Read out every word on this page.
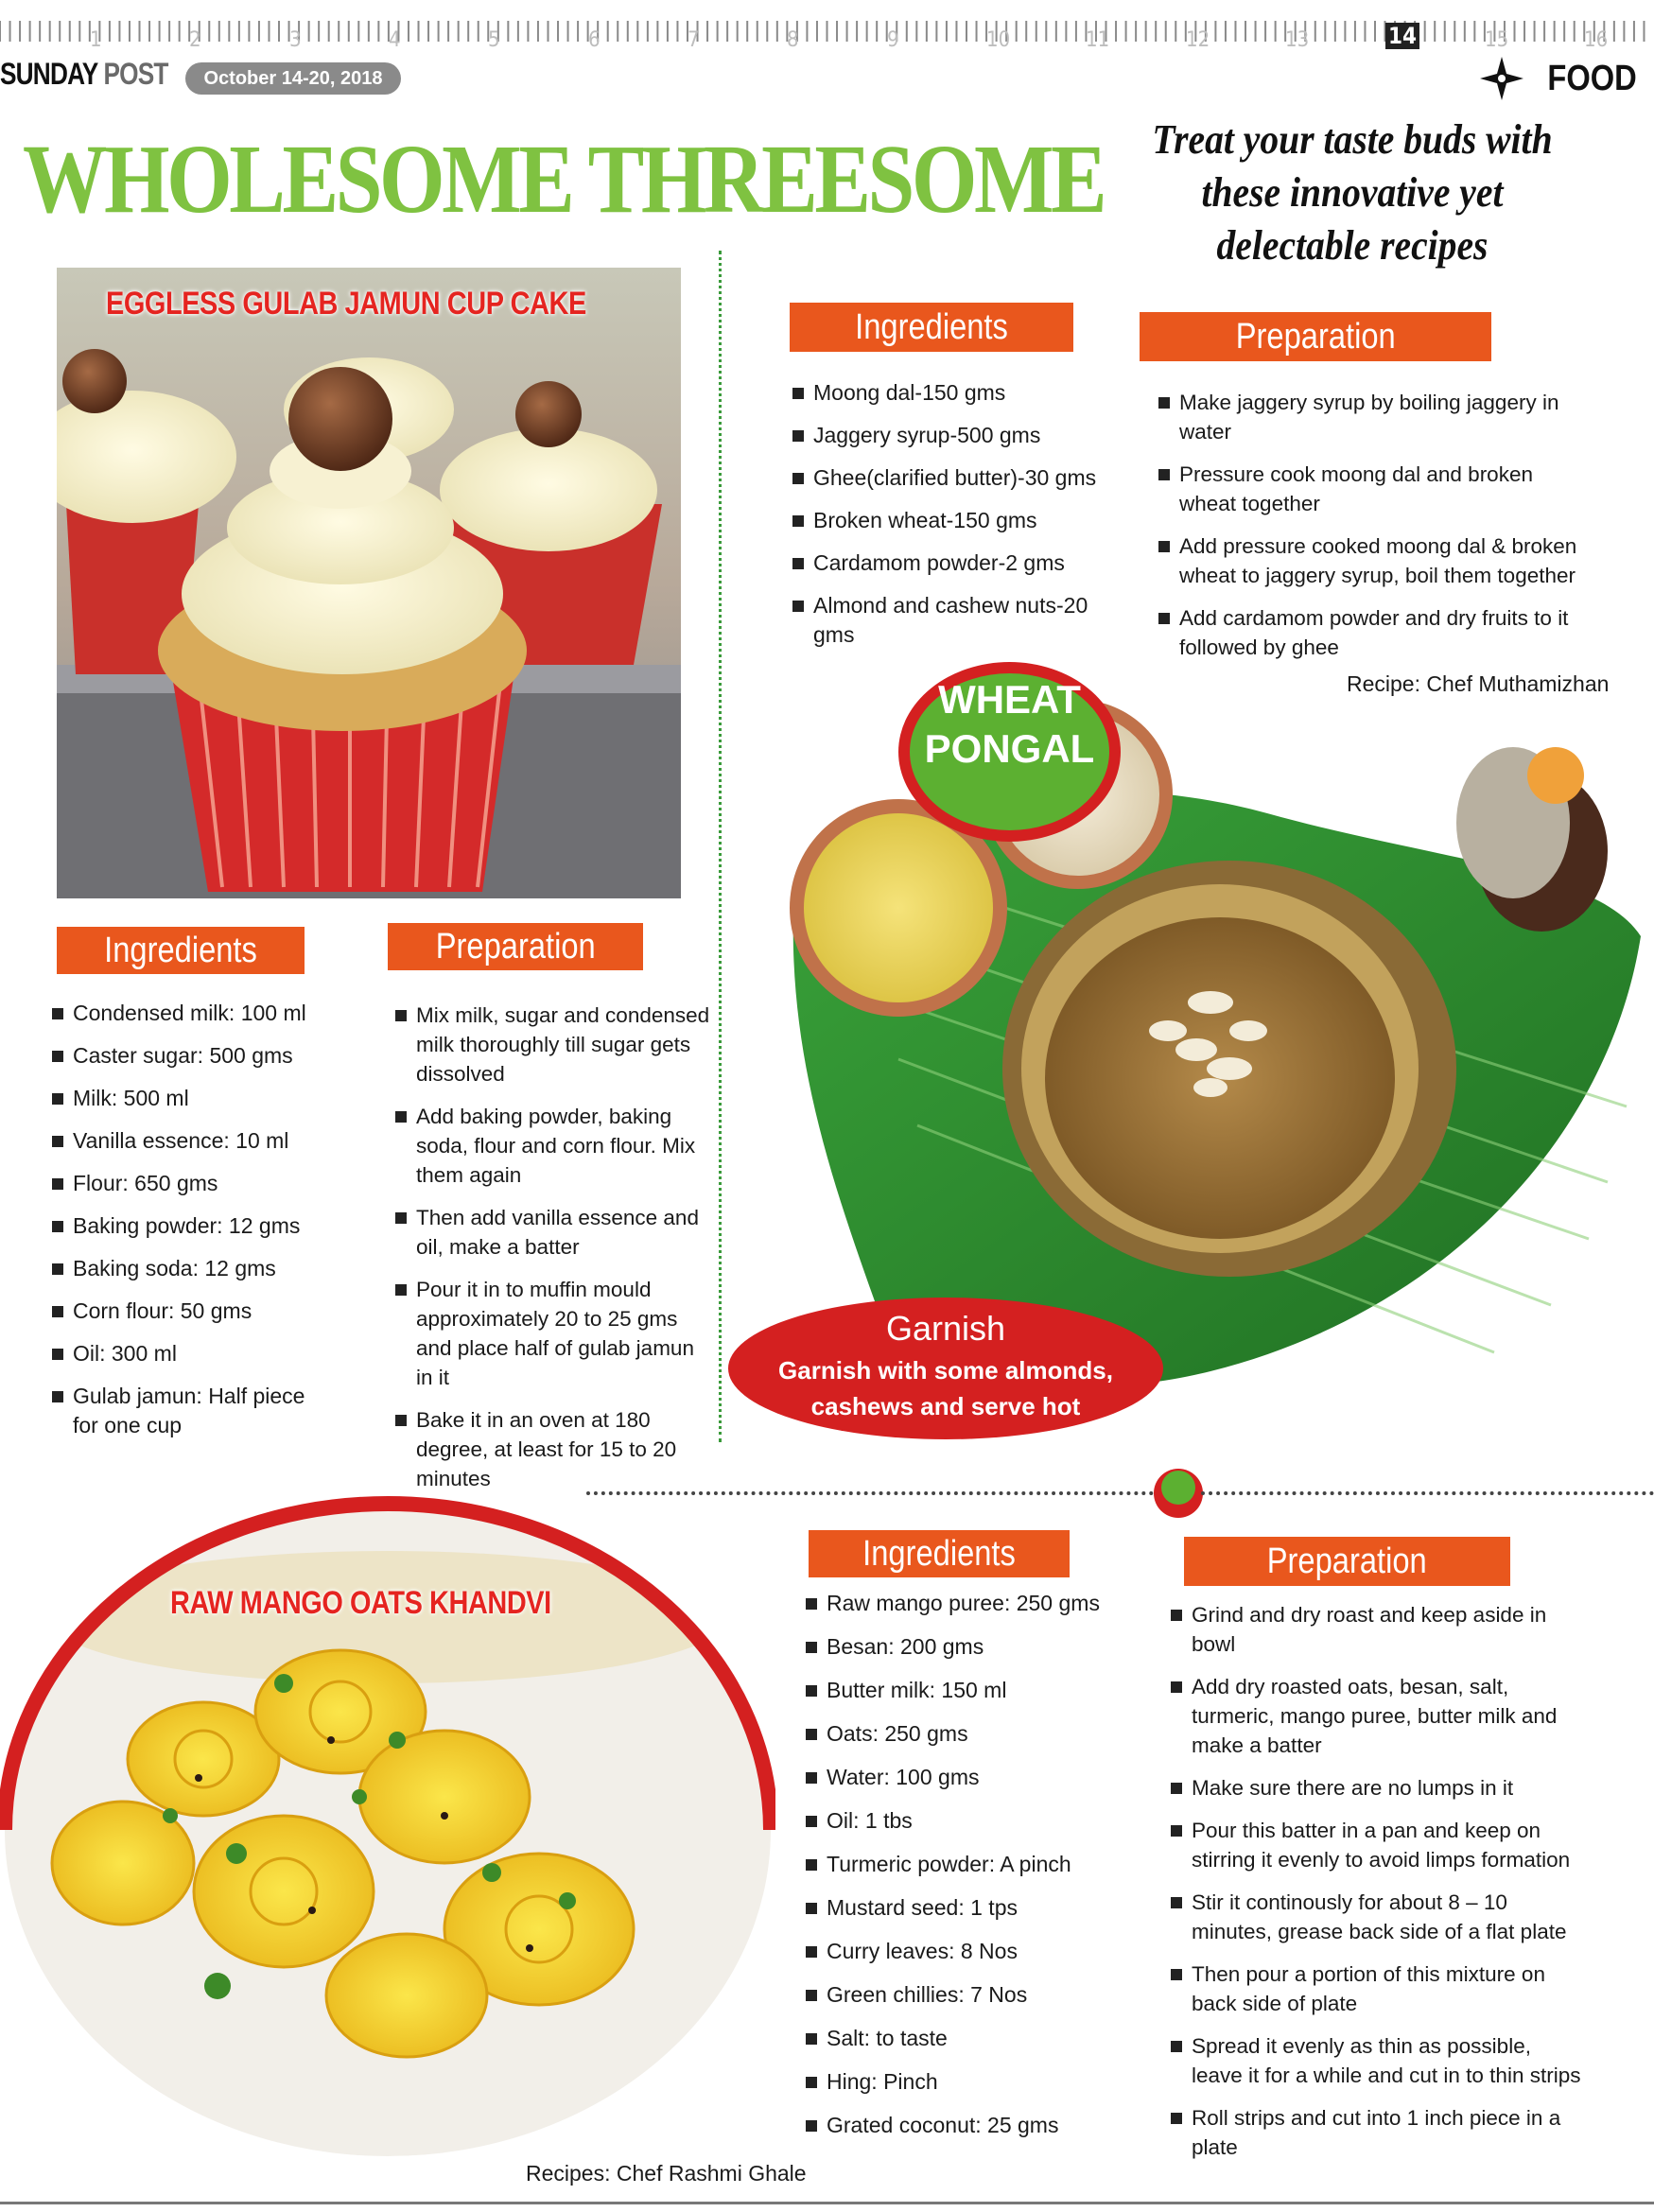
1	2	3	4	5	6	7	8	9	10	11	12	13	14	15	16
SUNDAY POST	October 14-20, 2018	FOOD
WHOLESOME THREESOME	Treat your taste buds with these innovative yet delectable recipes
EGGLESS GULAB JAMUN CUP CAKE
Ingredients	Preparation
Condensed milk: 100 ml
Caster sugar: 500 gms
Milk: 500 ml
Vanilla essence: 10 ml
Flour: 650 gms
Baking powder: 12 gms
Baking soda: 12 gms
Corn flour: 50 gms
Oil: 300 ml
Gulab jamun: Half piece for one cup
Mix milk, sugar and condensed milk thoroughly till sugar gets dissolved
Add baking powder, baking soda, flour and corn flour. Mix them again
Then add vanilla essence and oil, make a batter
Pour it in to muffin mould approximately 20 to 25 gms and place half of gulab jamun in it
Bake it in an oven at 180 degree, at least for 15 to 20 minutes
WHEAT
PONGAL
Garnish
Garnish with some almonds, cashews and serve hot
Ingredients	Preparation
Moong dal-150 gms
Jaggery syrup-500 gms
Ghee(clarified butter)-30 gms
Broken wheat-150 gms
Cardamom powder-2 gms
Almond and cashew nuts-20 gms
Make jaggery syrup by boiling jaggery in water
Pressure cook moong dal and broken wheat together
Add pressure cooked moong dal & broken wheat to jaggery syrup, boil them together
Add cardamom powder and dry fruits to it followed by ghee
Recipe: Chef Muthamizhan
RAW MANGO OATS KHANDVI
Ingredients	Preparation
Raw mango puree: 250 gms
Besan: 200 gms
Butter milk: 150 ml
Oats: 250 gms
Water: 100 gms
Oil: 1 tbs
Turmeric powder: A pinch
Mustard seed: 1 tps
Curry leaves: 8 Nos
Green chillies: 7 Nos
Salt: to taste
Hing: Pinch
Grated coconut: 25 gms
Grind and dry roast and keep aside in bowl
Add dry roasted oats, besan, salt, turmeric, mango puree, butter milk and make a batter
Make sure there are no lumps in it
Pour this batter in a pan and keep on stirring it evenly to avoid limps formation
Stir it continously for about 8 – 10 minutes, grease back side of a flat plate
Then pour a portion of this mixture on back side of plate
Spread it evenly as thin as possible, leave it for a while and cut in to thin strips
Roll strips and cut into 1 inch piece in a plate
Recipes: Chef Rashmi Ghale
